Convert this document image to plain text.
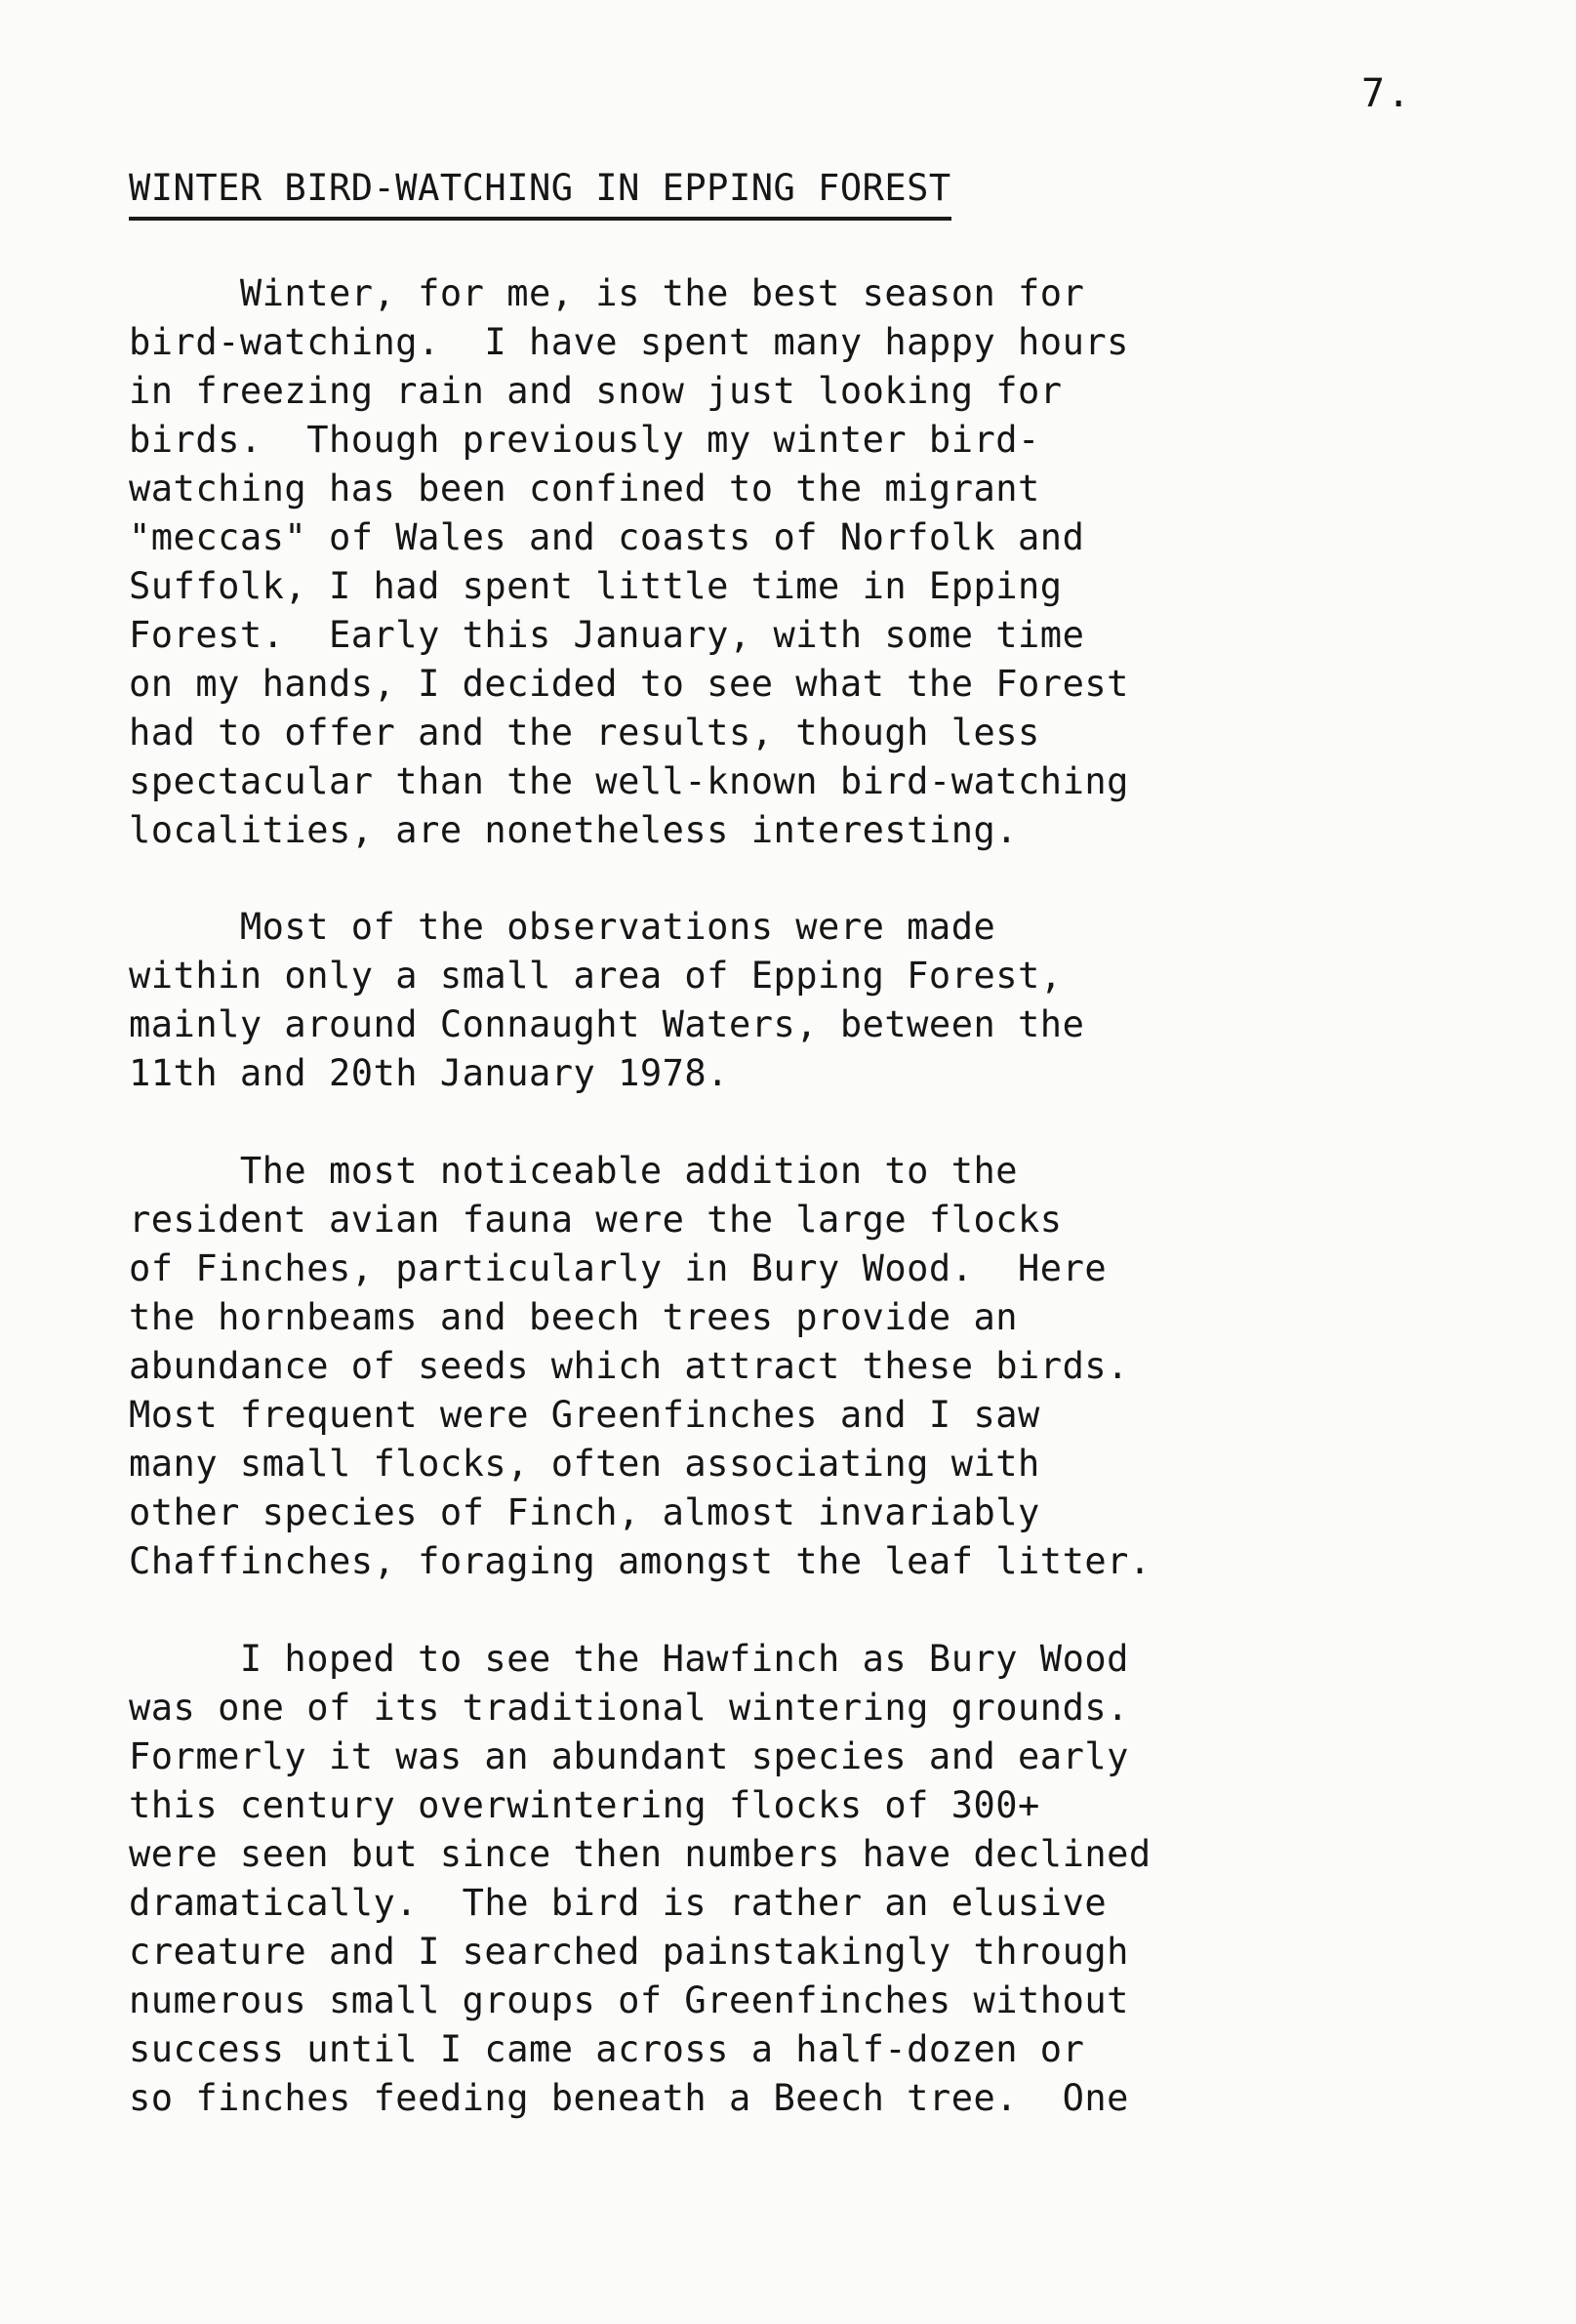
7.
WINTER BIRD-WATCHING IN EPPING FOREST
Winter, for me, is the best season for
bird-watching.  I have spent many happy hours
in freezing rain and snow just looking for
birds.  Though previously my winter bird-
watching has been confined to the migrant
"meccas" of Wales and coasts of Norfolk and
Suffolk, I had spent little time in Epping
Forest.  Early this January, with some time
on my hands, I decided to see what the Forest
had to offer and the results, though less
spectacular than the well-known bird-watching
localities, are nonetheless interesting.
Most of the observations were made
within only a small area of Epping Forest,
mainly around Connaught Waters, between the
11th and 20th January 1978.
The most noticeable addition to the
resident avian fauna were the large flocks
of Finches, particularly in Bury Wood.  Here
the hornbeams and beech trees provide an
abundance of seeds which attract these birds.
Most frequent were Greenfinches and I saw
many small flocks, often associating with
other species of Finch, almost invariably
Chaffinches, foraging amongst the leaf litter.
I hoped to see the Hawfinch as Bury Wood
was one of its traditional wintering grounds.
Formerly it was an abundant species and early
this century overwintering flocks of 300+
were seen but since then numbers have declined
dramatically.  The bird is rather an elusive
creature and I searched painstakingly through
numerous small groups of Greenfinches without
success until I came across a half-dozen or
so finches feeding beneath a Beech tree.  One
